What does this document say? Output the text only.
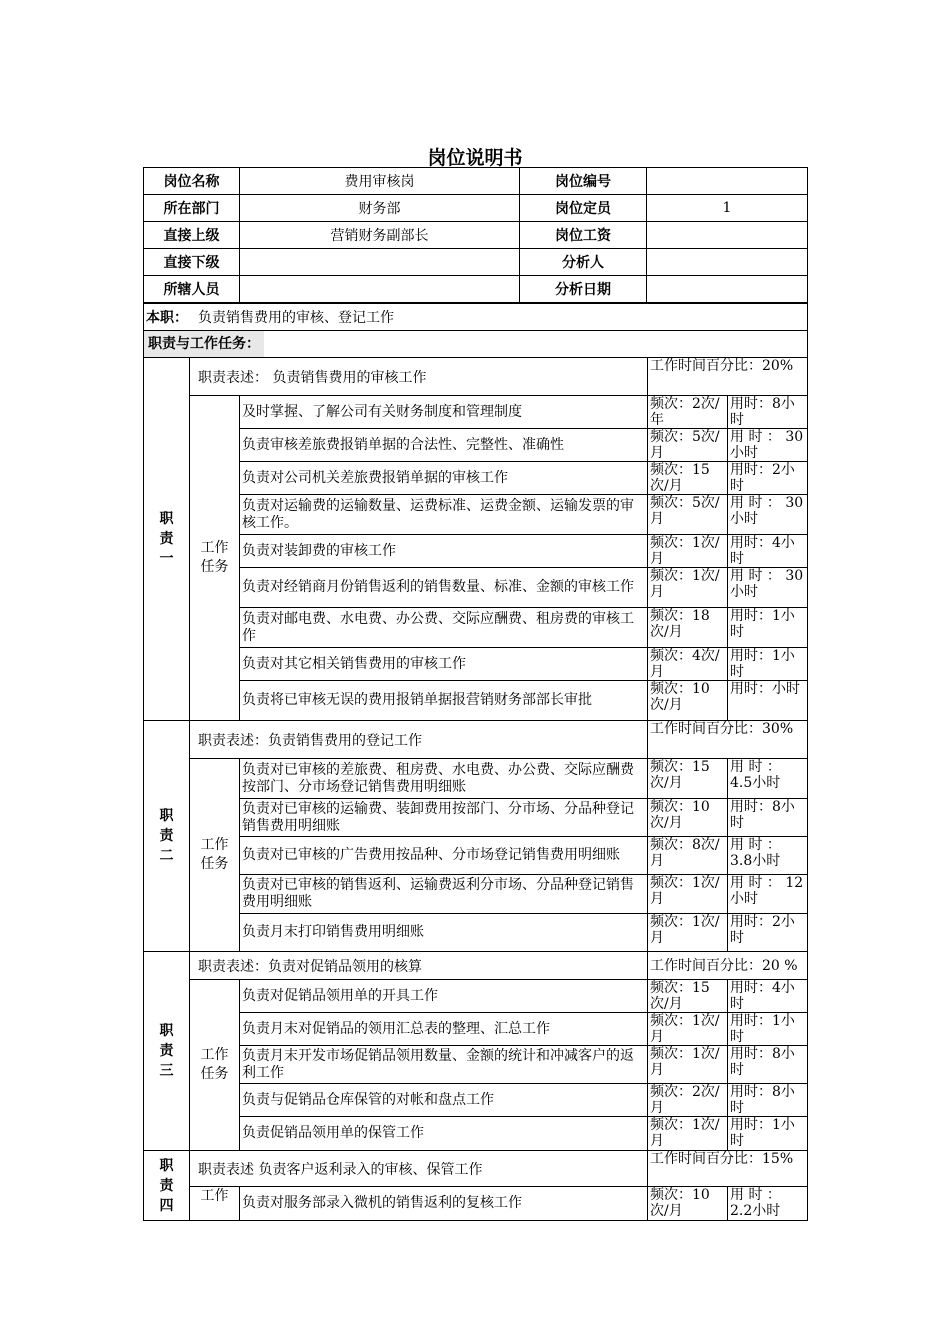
岗位说明书
岗位名称	费用审核岗	岗位编号	
所在部门	财务部	岗位定员	1
直接上级	营销财务副部长	岗位工资	
直接下级		分析人	
所辖人员		分析日期	
本职： 负责销售费用的审核、登记工作				
职责与工作任务：				
职
责
一	职责表述： 负责销售费用的审核工作		工作时间百分比：20%	
	工作
任务	及时掌握、了解公司有关财务制度和管理制度	频次：2次/年	用时：8小时
		负责审核差旅费报销单据的合法性、完整性、准确性	频次：5次/月	用 时 ： 30小时
		负责对公司机关差旅费报销单据的审核工作	频次：15次/月	用时：2小时
		负责对运输费的运输数量、运费标准、运费金额、运输发票的审核工作。	频次：5次/月	用 时 ： 30小时
		负责对装卸费的审核工作	频次：1次/月	用时：4小时
		负责对经销商月份销售返利的销售数量、标准、金额的审核工作	频次：1次/月	用 时 ： 30小时
		负责对邮电费、水电费、办公费、交际应酬费、租房费的审核工作	频次：18次/月	用时：1小时
		负责对其它相关销售费用的审核工作	频次：4次/月	用时：1小时
		负责将已审核无误的费用报销单据报营销财务部部长审批	频次：10次/月	用时：小时
职
责
二	职责表述：负责销售费用的登记工作		工作时间百分比：30%	
	工作
任务	负责对已审核的差旅费、租房费、水电费、办公费、交际应酬费按部门、分市场登记销售费用明细账	频次：15次/月	用 时 ： 4.5小时
		负责对已审核的运输费、装卸费用按部门、分市场、分品种登记销售费用明细账	频次：10次/月	用时：8小时
		负责对已审核的广告费用按品种、分市场登记销售费用明细账	频次：8次/月	用 时 ： 3.8小时
		负责对已审核的销售返利、运输费返利分市场、分品种登记销售费用明细账	频次：1次/月	用 时 ： 12小时
		负责月末打印销售费用明细账	频次：1次/月	用时：2小时
职
责
三	职责表述：负责对促销品领用的核算		工作时间百分比：20 %	
	工作
任务	负责对促销品领用单的开具工作	频次：15次/月	用时：4小时
		负责月末对促销品的领用汇总表的整理、汇总工作	频次：1次/月	用时：1小时
		负责月末开发市场促销品领用数量、金额的统计和冲减客户的返利工作	频次：1次/月	用时：8小时
		负责与促销品仓库保管的对帐和盘点工作	频次：2次/月	用时：8小时
		负责促销品领用单的保管工作	频次：1次/月	用时：1小时
职
责
四	职责表述 负责客户返利录入的审核、保管工作		工作时间百分比：15%	
	工作	负责对服务部录入微机的销售返利的复核工作	频次：10次/月	用 时 ： 2.2小时
